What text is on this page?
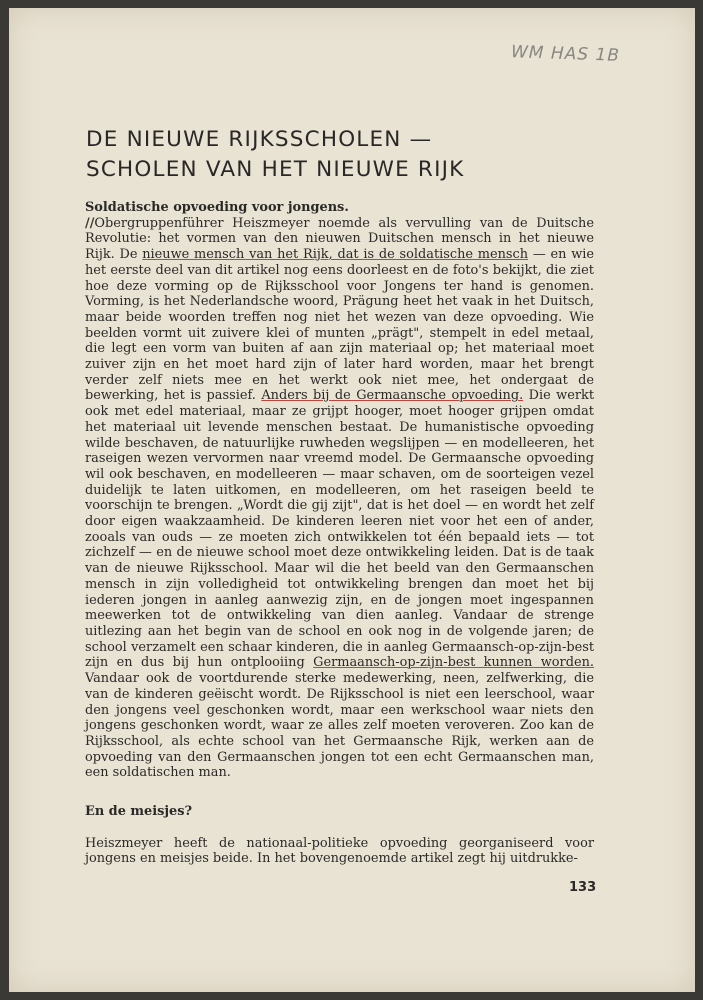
WM HAS 1B
DE NIEUWE RIJKSSCHOLEN —
SCHOLEN VAN HET NIEUWE RIJK
Soldatische opvoeding voor jongens.

//Obergruppenführer Heiszmeyer noemde als vervulling van de Duitsche Revolutie: het vormen van den nieuwen Duitschen mensch in het nieuwe Rijk. De nieuwe mensch van het Rijk, dat is de soldatische mensch — en wie het eerste deel van dit artikel nog eens doorleest en de foto's bekijkt, die ziet hoe deze vorming op de Rijksschool voor Jongens ter hand is genomen. Vorming, is het Nederlandsche woord, Prägung heet het vaak in het Duitsch, maar beide woorden treffen nog niet het wezen van deze opvoeding. Wie beelden vormt uit zuivere klei of munten „prägt", stempelt in edel metaal, die legt een vorm van buiten af aan zijn materiaal op; het materiaal moet zuiver zijn en het moet hard zijn of later hard worden, maar het brengt verder zelf niets mee en het werkt ook niet mee, het ondergaat de bewerking, het is passief. Anders bij de Germaansche opvoeding. Die werkt ook met edel materiaal, maar ze grijpt hooger, moet hooger grijpen omdat het materiaal uit levende menschen bestaat. De humanistische opvoeding wilde beschaven, de natuurlijke ruwheden wegslijpen — en modelleeren, het raseigen wezen vervormen naar vreemd model. De Germaansche opvoeding wil ook beschaven, en modelleeren — maar schaven, om de soorteigen vezel duidelijk te laten uitkomen, en modelleeren, om het raseigen beeld te voorschijn te brengen. „Wordt die gij zijt", dat is het doel — en wordt het zelf door eigen waakzaamheid. De kinderen leeren niet voor het een of ander, zooals van ouds — ze moeten zich ontwikkelen tot één bepaald iets — tot zichzelf — en de nieuwe school moet deze ontwikkeling leiden. Dat is de taak van de nieuwe Rijksschool. Maar wil die het beeld van den Germaanschen mensch in zijn volledigheid tot ontwikkeling brengen dan moet het bij iederen jongen in aanleg aanwezig zijn, en de jongen moet ingespannen meewerken tot de ontwikkeling van dien aanleg. Vandaar de strenge uitlezing aan het begin van de school en ook nog in de volgende jaren; de school verzamelt een schaar kinderen, die in aanleg Germaansch-op-zijn-best zijn en dus bij hun ontplooiing Germaansch-op-zijn-best kunnen worden. Vandaar ook de voortdurende sterke medewerking, neen, zelfwerking, die van de kinderen geëischt wordt. De Rijksschool is niet een leerschool, waar den jongens veel geschonken wordt, maar een werkschool waar niets den jongens geschonken wordt, waar ze alles zelf moeten veroveren. Zoo kan de Rijksschool, als echte school van het Germaansche Rijk, werken aan de opvoeding van den Germaanschen jongen tot een echt Germaanschen man, een soldatischen man.

En de meisjes?

Heiszmeyer heeft de nationaal-politieke opvoeding georganiseerd voor jongens en meisjes beide. In het bovengenoemde artikel zegt hij uitdrukke-

133
